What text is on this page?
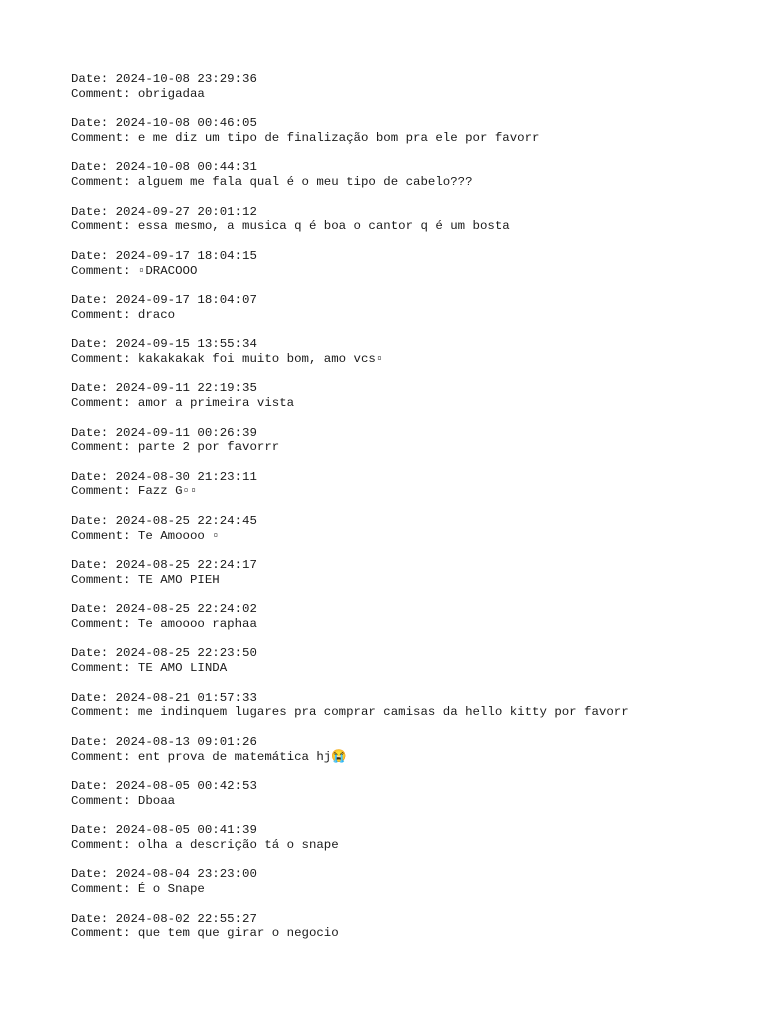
Date: 2024-10-08 23:29:36
Comment: obrigadaa
Date: 2024-10-08 00:46:05
Comment: e me diz um tipo de finalização bom pra ele por favorr
Date: 2024-10-08 00:44:31
Comment: alguem me fala qual é o meu tipo de cabelo???
Date: 2024-09-27 20:01:12
Comment: essa mesmo, a musica q é boa o cantor q é um bosta
Date: 2024-09-17 18:04:15
Comment: ▫DRACOOO
Date: 2024-09-17 18:04:07
Comment: draco
Date: 2024-09-15 13:55:34
Comment: kakakakak foi muito bom, amo vcs▫
Date: 2024-09-11 22:19:35
Comment: amor a primeira vista
Date: 2024-09-11 00:26:39
Comment: parte 2 por favorrr
Date: 2024-08-30 21:23:11
Comment: Fazz G▫▫
Date: 2024-08-25 22:24:45
Comment: Te Amoooo ▫
Date: 2024-08-25 22:24:17
Comment: TE AMO PIEH
Date: 2024-08-25 22:24:02
Comment: Te amoooo raphaa
Date: 2024-08-25 22:23:50
Comment: TE AMO LINDA
Date: 2024-08-21 01:57:33
Comment: me indinquem lugares pra comprar camisas da hello kitty por favorr
Date: 2024-08-13 09:01:26
Comment: ent prova de matemática hj😭
Date: 2024-08-05 00:42:53
Comment: Dboaa
Date: 2024-08-05 00:41:39
Comment: olha a descrição tá o snape
Date: 2024-08-04 23:23:00
Comment: É o Snape
Date: 2024-08-02 22:55:27
Comment: que tem que girar o negocio
